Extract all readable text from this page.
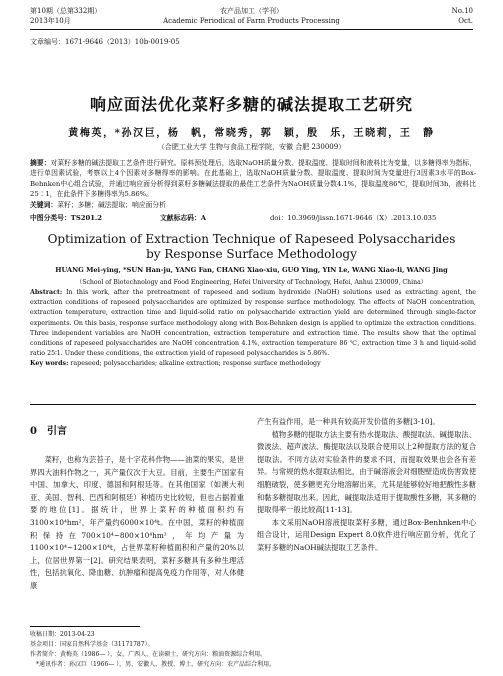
第10期（总第332期）
2013年10月
农产品加工（学刊）
Academic Periodical of Farm Products Processing
No.10
Oct.
文章编号：1671-9646（2013）10b-0019-05
响应面法优化菜籽多糖的碱法提取工艺研究
黄梅英，*孙汉巨，杨　帆，常晓秀，郭　颖，殷　乐，王晓莉，王　静
（合肥工业大学 生物与食品工程学院，安徽 合肥 230009）
摘要：对菜籽多糖的碱法提取工艺条件进行研究。原料预处理后，选取NaOH质量分数、提取温度、提取时间和液料比为变量，以多糖得率为指标，进行单因素试验，考察以上4个因素对多糖得率的影响。在此基础上，选取NaOH质量分数、提取温度、提取时间为变量进行3因素3水平的Box-Behnken中心组合试验，并通过响应面分析得到菜籽多糖碱法提取的最佳工艺条件为NaOH质量分数4.1%，提取温度86℃，提取时间3h，液料比25∶1，在此条件下多糖得率为5.86%。
关键词：菜籽；多糖；碱法提取；响应面分析
中图分类号：TS201.2	文献标志码：A	doi：10.3969/jissn.1671-9646（X）.2013.10.035
Optimization of Extraction Technique of Rapeseed Polysaccharides
by Response Surface Methodology
HUANG Mei-ying, *SUN Han-ju, YANG Fan, CHANG Xiao-xiu, GUO Ying, YIN Le, WANG Xiao-li, WANG Jing
（School of Biotechnology and Food Engineering, Hefei University of Technology, Hefei, Anhui 230009, China）
Abstract: In this work, after the pretreatment of rapeseed and sodium hydroxide (NaOH) solutions used as extracting agent, the extraction conditions of rapeseed polysaccharides are optimized by response surface methodology. The effects of NaOH concentration, extraction temperature, extraction time and liquid-solid ratio on polysaccharide extraction yield are determined through single-factor experiments. On this basis, response surface methodology along with Box-Behnken design is applied to optimize the extraction conditions. Three independent variables are NaOH concentration, extraction temperature and extraction time. The results show that the optimal conditions of rapeseed polysaccharides are NaOH concentration 4.1%, extraction temperature 86 ℃, extraction time 3 h and liquid-solid ratio 25∶1. Under these conditions, the extraction yield of rapeseed polysaccharides is 5.86%.
Key words: rapeseed; polysaccharides; alkaline extraction; response surface methodology
0　引言

菜籽，也称为芸苔子，是十字花科作物——油菜的果实，是世界四大油料作物之一，其产量仅次于大豆。目前，主要生产国家有中国、加拿大、印度、德国和阿根廷等。在其他国家（如澳大利亚、美国、智利、巴西和阿根廷）种植历史比较短，但也占据着重要的地位[1]。据统计，世界上菜籽的种植面积约有3100×10⁴hm²，年产量约6000×10⁴t。在中国，菜籽的种植面积保持在700×10⁴~800×10⁴hm²，年均产量为1100×10⁴~1200×10⁴t，占世界菜籽种植面积和产量的20%以上，位居世界第一[2]。研究结果表明，菜籽多糖具有多种生理活性，包括抗氧化、降血糖、抗肿瘤和提高免疫力作用等，对人体健康

产生有益作用，是一种具有较高开发价值的多糖[3-10]。

植物多糖的提取方法主要有热水提取法、酸提取法、碱提取法、微波法、超声波法、酶提取法以及联合使用以上2种提取方法的复合提取法。不同方法对实验条件的要求不同，而提取效果也会各有差异。与常规的热水提取法相比，由于碱溶液会对细胞壁造成伤害致使细胞破裂，使多糖更充分地溶解出来，尤其是能够较好地把酸性多糖和黏多糖提取出来。因此，碱提取法适用于提取酸性多糖，其多糖的提取得率一般比较高[11-13]。

本文采用NaOH溶液提取菜籽多糖，通过Box-Benhnken中心组合设计，运用Design Expert 8.0软件进行响应面分析，优化了菜籽多糖的NaOH碱法提取工艺条件。

收稿日期：2013-04-23
基金项目：国家自然科学基金（31171787）。
作者简介：黄梅英（1986— ），女，广西人，在读硕士，研究方向：粮油资源综合利用。
　*通讯作者：孙汉巨（1966— ），男，安徽人，教授，博士，研究方向：农产品综合利用。
